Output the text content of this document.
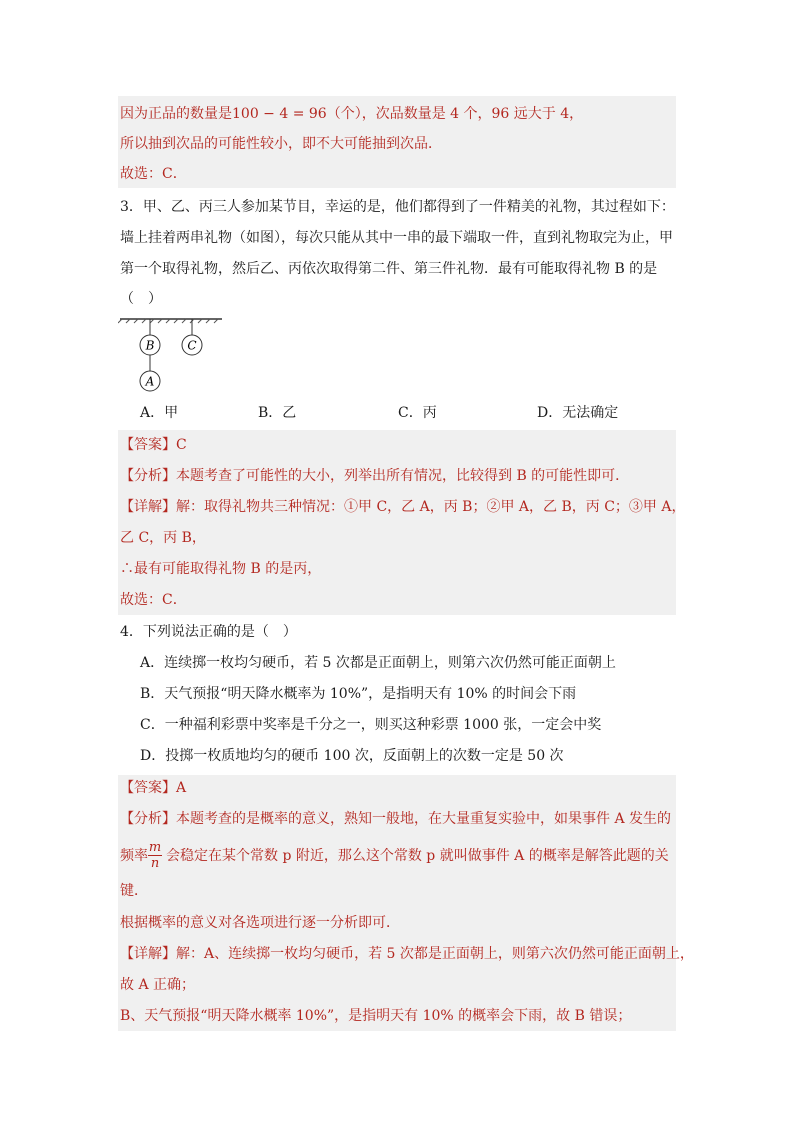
因为正品的数量是100 − 4 = 96（个），次品数量是 4 个，96 远大于 4，
所以抽到次品的可能性较小，即不大可能抽到次品．
故选：C．
3．甲、乙、丙三人参加某节目，幸运的是，他们都得到了一件精美的礼物，其过程如下：
墙上挂着两串礼物（如图），每次只能从其中一串的最下端取一件，直到礼物取完为止，甲
第一个取得礼物，然后乙、丙依次取得第二件、第三件礼物．最有可能取得礼物 B 的是
（　）
B
A
C
A．甲	B．乙	C．丙	D．无法确定
【答案】C
【分析】本题考查了可能性的大小，列举出所有情况，比较得到 B 的可能性即可．
【详解】解：取得礼物共三种情况：①甲 C，乙 A，丙 B；②甲 A，乙 B，丙 C；③甲 A，
乙 C，丙 B，
∴最有可能取得礼物 B 的是丙，
故选：C．
4．下列说法正确的是（　）
A．连续掷一枚均匀硬币，若 5 次都是正面朝上，则第六次仍然可能正面朝上
B．天气预报“明天降水概率为 10%”，是指明天有 10% 的时间会下雨
C．一种福利彩票中奖率是千分之一，则买这种彩票 1000 张，一定会中奖
D．投掷一枚质地均匀的硬币 100 次，反面朝上的次数一定是 50 次
【答案】A
【分析】本题考查的是概率的意义，熟知一般地，在大量重复实验中，如果事件 A 发生的
频率 $\frac{m}{n}$ 会稳定在某个常数 p 附近，那么这个常数 p 就叫做事件 A 的概率是解答此题的关
键．
根据概率的意义对各选项进行逐一分析即可．
【详解】解：A、连续掷一枚均匀硬币，若 5 次都是正面朝上，则第六次仍然可能正面朝上，
故 A 正确；
B、天气预报“明天降水概率 10%”，是指明天有 10% 的概率会下雨，故 B 错误；
